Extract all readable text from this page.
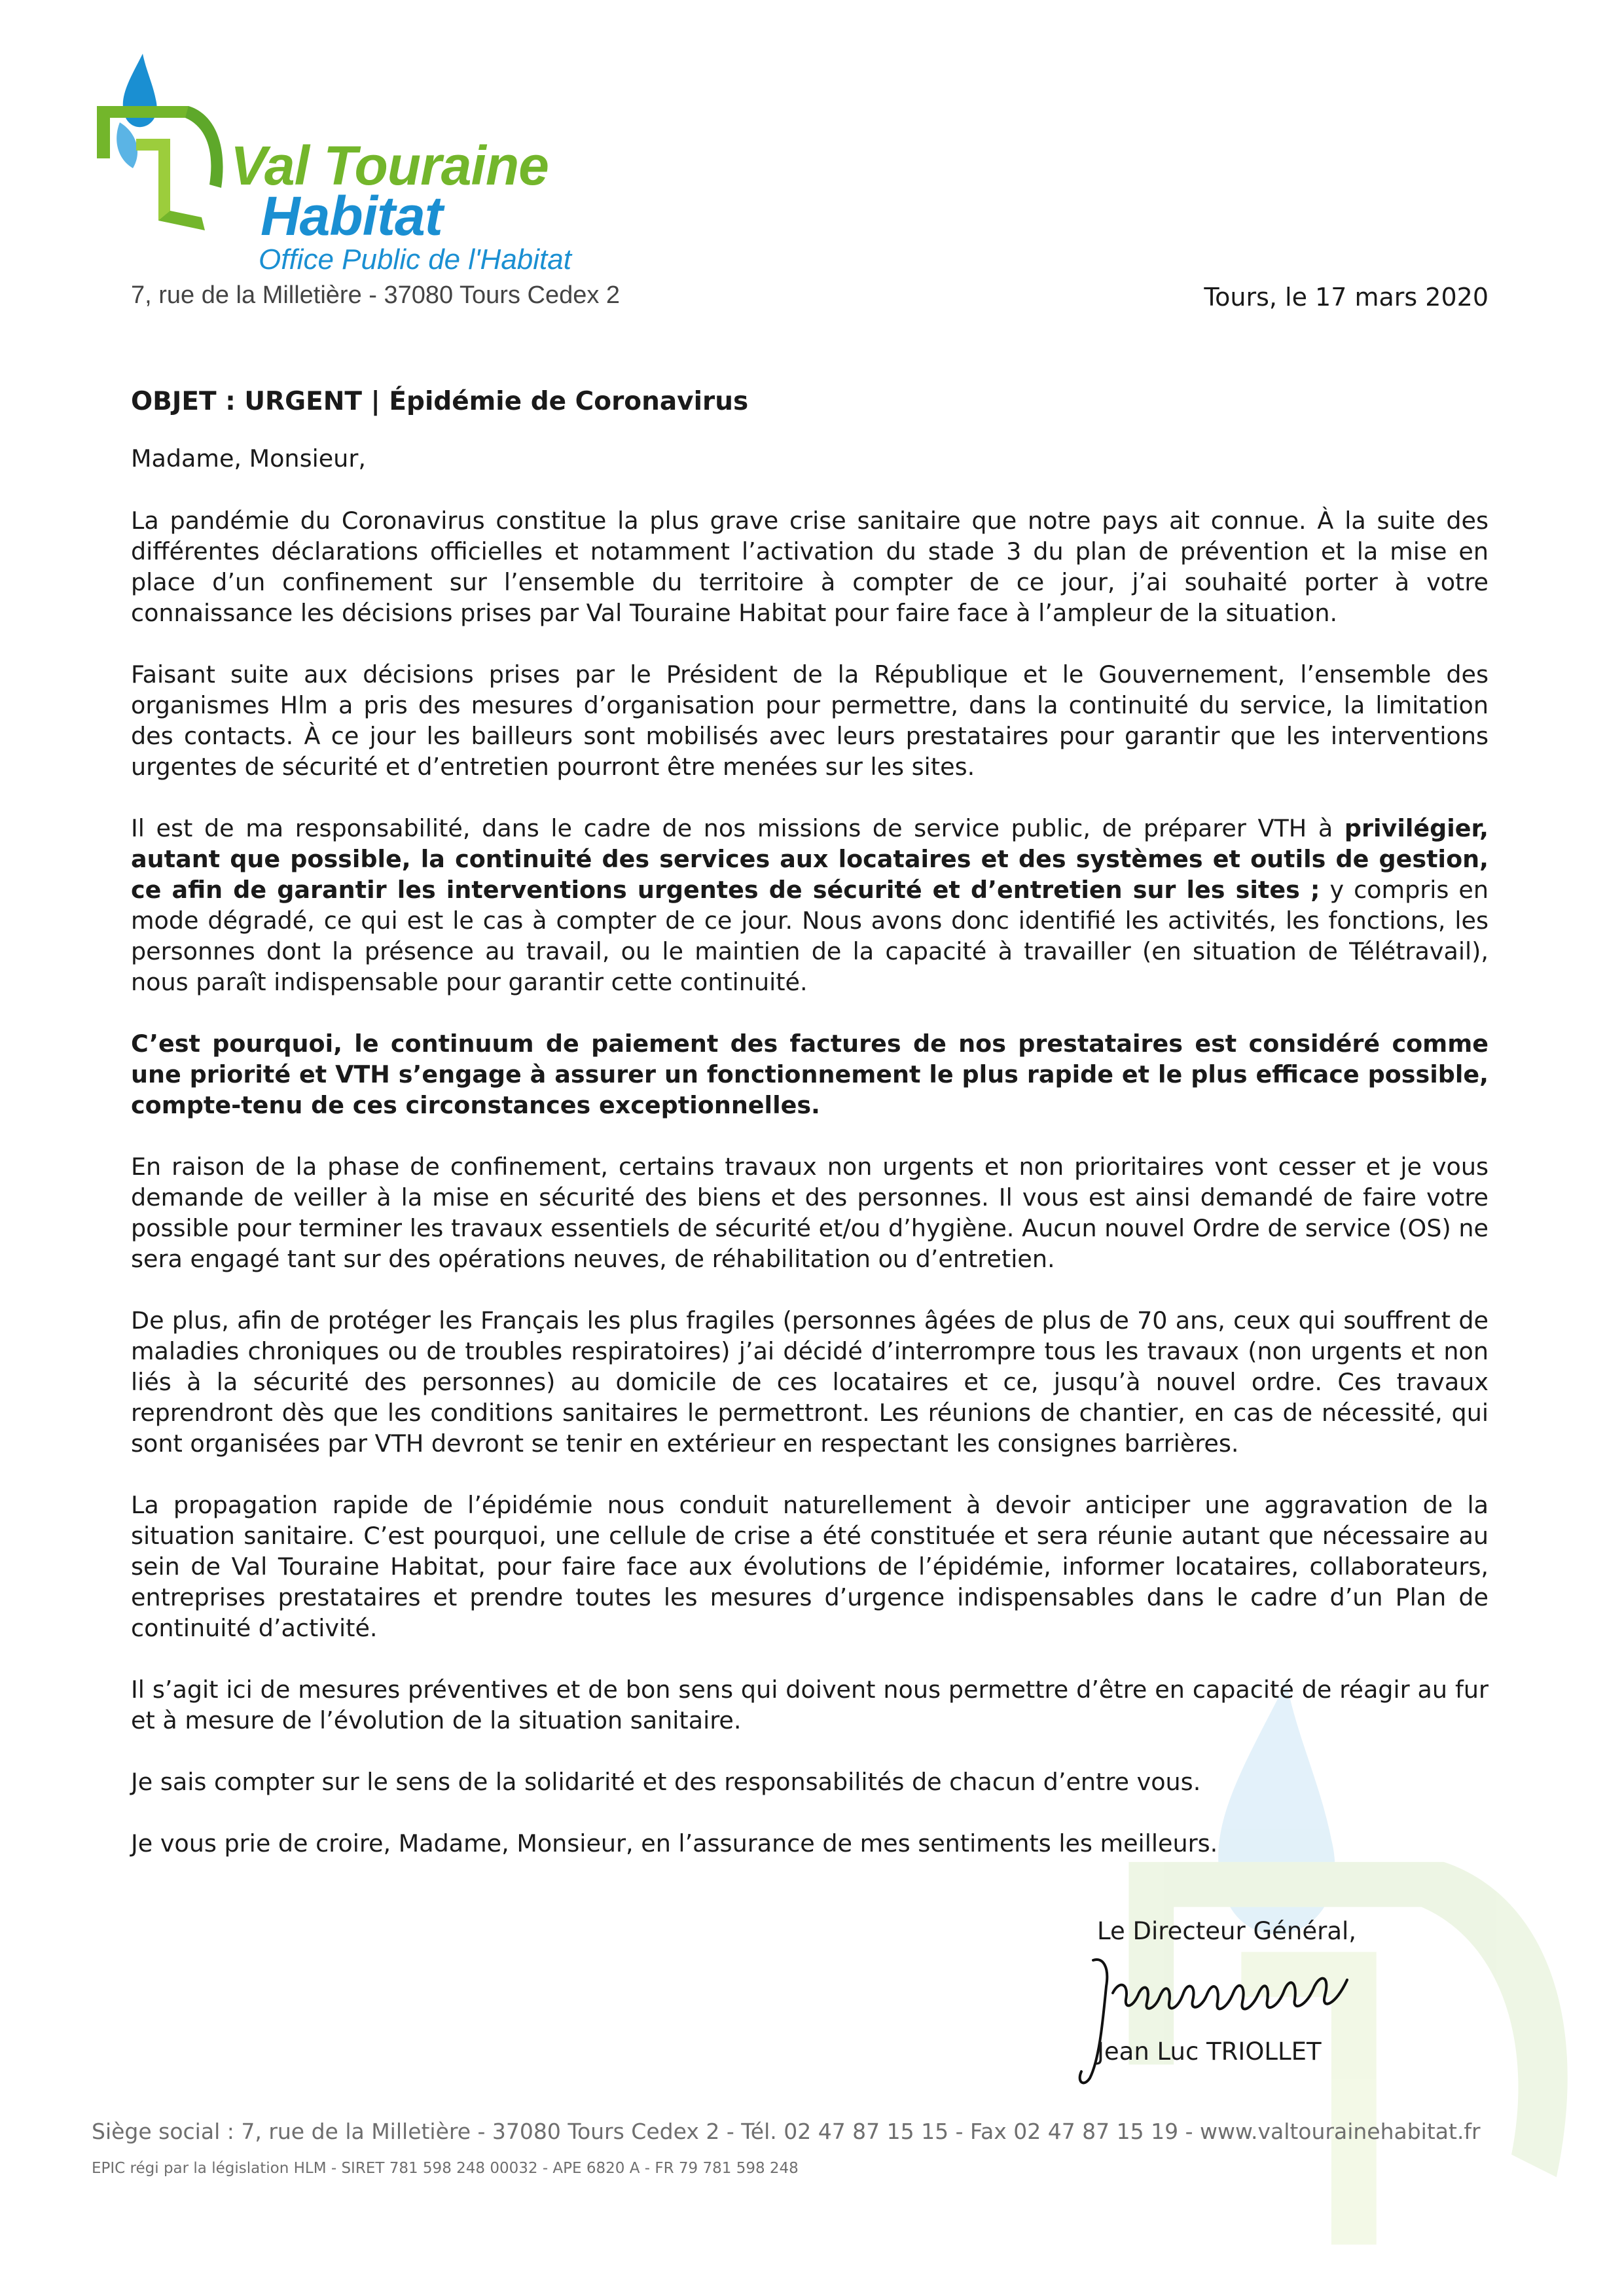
Val Touraine
Habitat
Office Public de l'Habitat
7, rue de la Milletière - 37080 Tours Cedex 2	Tours, le 17 mars 2020
OBJET : URGENT | Épidémie de Coronavirus
Madame, Monsieur,

La pandémie du Coronavirus constitue la plus grave crise sanitaire que notre pays ait connue. À la suite des différentes déclarations officielles et notamment l’activation du stade 3 du plan de prévention et la mise en place d’un confinement sur l’ensemble du territoire à compter de ce jour, j’ai souhaité porter à votre connaissance les décisions prises par Val Touraine Habitat pour faire face à l’ampleur de la situation.

Faisant suite aux décisions prises par le Président de la République et le Gouvernement, l’ensemble des organismes Hlm a pris des mesures d’organisation pour permettre, dans la continuité du service, la limitation des contacts. À ce jour les bailleurs sont mobilisés avec leurs prestataires pour garantir que les interventions urgentes de sécurité et d’entretien pourront être menées sur les sites.

Il est de ma responsabilité, dans le cadre de nos missions de service public, de préparer VTH à privilégier, autant que possible, la continuité des services aux locataires et des systèmes et outils de gestion, ce afin de garantir les interventions urgentes de sécurité et d’entretien sur les sites ; y compris en mode dégradé, ce qui est le cas à compter de ce jour. Nous avons donc identifié les activités, les fonctions, les personnes dont la présence au travail, ou le maintien de la capacité à travailler (en situation de Télétravail), nous paraît indispensable pour garantir cette continuité.

C’est pourquoi, le continuum de paiement des factures de nos prestataires est considéré comme une priorité et VTH s’engage à assurer un fonctionnement le plus rapide et le plus efficace possible, compte-tenu de ces circonstances exceptionnelles.

En raison de la phase de confinement, certains travaux non urgents et non prioritaires vont cesser et je vous demande de veiller à la mise en sécurité des biens et des personnes. Il vous est ainsi demandé de faire votre possible pour terminer les travaux essentiels de sécurité et/ou d’hygiène. Aucun nouvel Ordre de service (OS) ne sera engagé tant sur des opérations neuves, de réhabilitation ou d’entretien.

De plus, afin de protéger les Français les plus fragiles (personnes âgées de plus de 70 ans, ceux qui souffrent de maladies chroniques ou de troubles respiratoires) j’ai décidé d’interrompre tous les travaux (non urgents et non liés à la sécurité des personnes) au domicile de ces locataires et ce, jusqu’à nouvel ordre. Ces travaux reprendront dès que les conditions sanitaires le permettront. Les réunions de chantier, en cas de nécessité, qui sont organisées par VTH devront se tenir en extérieur en respectant les consignes barrières.

La propagation rapide de l’épidémie nous conduit naturellement à devoir anticiper une aggravation de la situation sanitaire. C’est pourquoi, une cellule de crise a été constituée et sera réunie autant que nécessaire au sein de Val Touraine Habitat, pour faire face aux évolutions de l’épidémie, informer locataires, collaborateurs, entreprises prestataires et prendre toutes les mesures d’urgence indispensables dans le cadre d’un Plan de continuité d’activité.

Il s’agit ici de mesures préventives et de bon sens qui doivent nous permettre d’être en capacité de réagir au fur et à mesure de l’évolution de la situation sanitaire.

Je sais compter sur le sens de la solidarité et des responsabilités de chacun d’entre vous.

Je vous prie de croire, Madame, Monsieur, en l’assurance de mes sentiments les meilleurs.

Le Directeur Général,
Jean Luc TRIOLLET
Siège social : 7, rue de la Milletière - 37080 Tours Cedex 2 - Tél. 02 47 87 15 15 - Fax 02 47 87 15 19 - www.valtourainehabitat.fr
EPIC régi par la législation HLM - SIRET 781 598 248 00032 - APE 6820 A - FR 79 781 598 248
